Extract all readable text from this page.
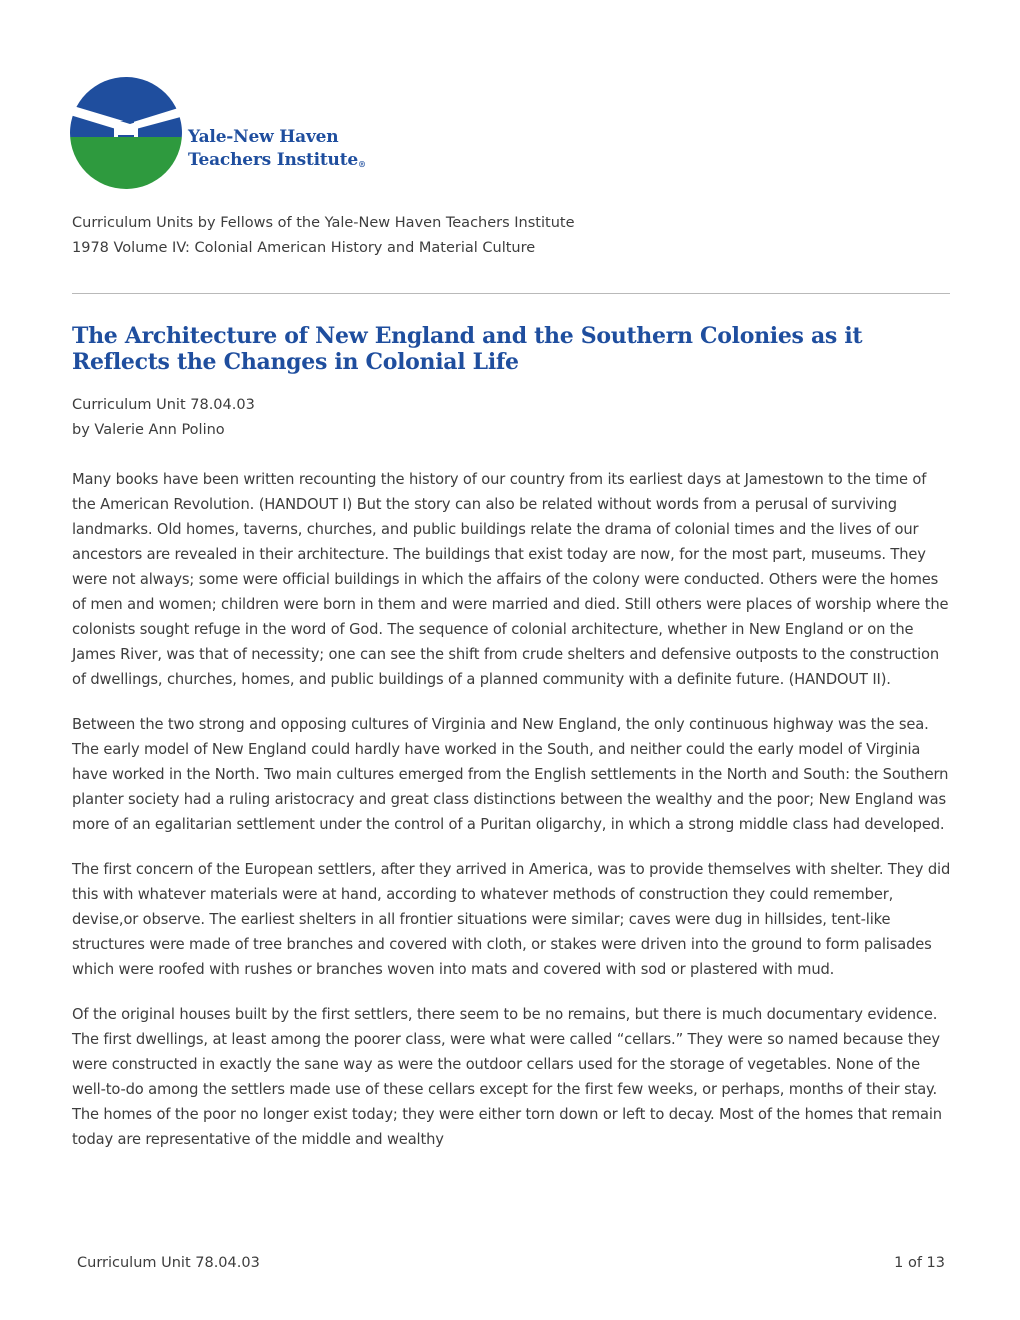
Yale-New Haven
Teachers Institute®
Curriculum Units by Fellows of the Yale-New Haven Teachers Institute
1978 Volume IV: Colonial American History and Material Culture
The Architecture of New England and the Southern Colonies as it Reflects the Changes in Colonial Life
Curriculum Unit 78.04.03
by Valerie Ann Polino

Many books have been written recounting the history of our country from its earliest days at Jamestown to the time of the American Revolution. (HANDOUT I) But the story can also be related without words from a perusal of surviving landmarks. Old homes, taverns, churches, and public buildings relate the drama of colonial times and the lives of our ancestors are revealed in their architecture. The buildings that exist today are now, for the most part, museums. They were not always; some were official buildings in which the affairs of the colony were conducted. Others were the homes of men and women; children were born in them and were married and died. Still others were places of worship where the colonists sought refuge in the word of God. The sequence of colonial architecture, whether in New England or on the James River, was that of necessity; one can see the shift from crude shelters and defensive outposts to the construction of dwellings, churches, homes, and public buildings of a planned community with a definite future. (HANDOUT II).

Between the two strong and opposing cultures of Virginia and New England, the only continuous highway was the sea. The early model of New England could hardly have worked in the South, and neither could the early model of Virginia have worked in the North. Two main cultures emerged from the English settlements in the North and South: the Southern planter society had a ruling aristocracy and great class distinctions between the wealthy and the poor; New England was more of an egalitarian settlement under the control of a Puritan oligarchy, in which a strong middle class had developed.

The first concern of the European settlers, after they arrived in America, was to provide themselves with shelter. They did this with whatever materials were at hand, according to whatever methods of construction they could remember, devise,or observe. The earliest shelters in all frontier situations were similar; caves were dug in hillsides, tent-like structures were made of tree branches and covered with cloth, or stakes were driven into the ground to form palisades which were roofed with rushes or branches woven into mats and covered with sod or plastered with mud.

Of the original houses built by the first settlers, there seem to be no remains, but there is much documentary evidence. The first dwellings, at least among the poorer class, were what were called “cellars.” They were so named because they were constructed in exactly the sane way as were the outdoor cellars used for the storage of vegetables. None of the well-to-do among the settlers made use of these cellars except for the first few weeks, or perhaps, months of their stay. The homes of the poor no longer exist today; they were either torn down or left to decay. Most of the homes that remain today are representative of the middle and wealthy

Curriculum Unit 78.04.03	1 of 13
